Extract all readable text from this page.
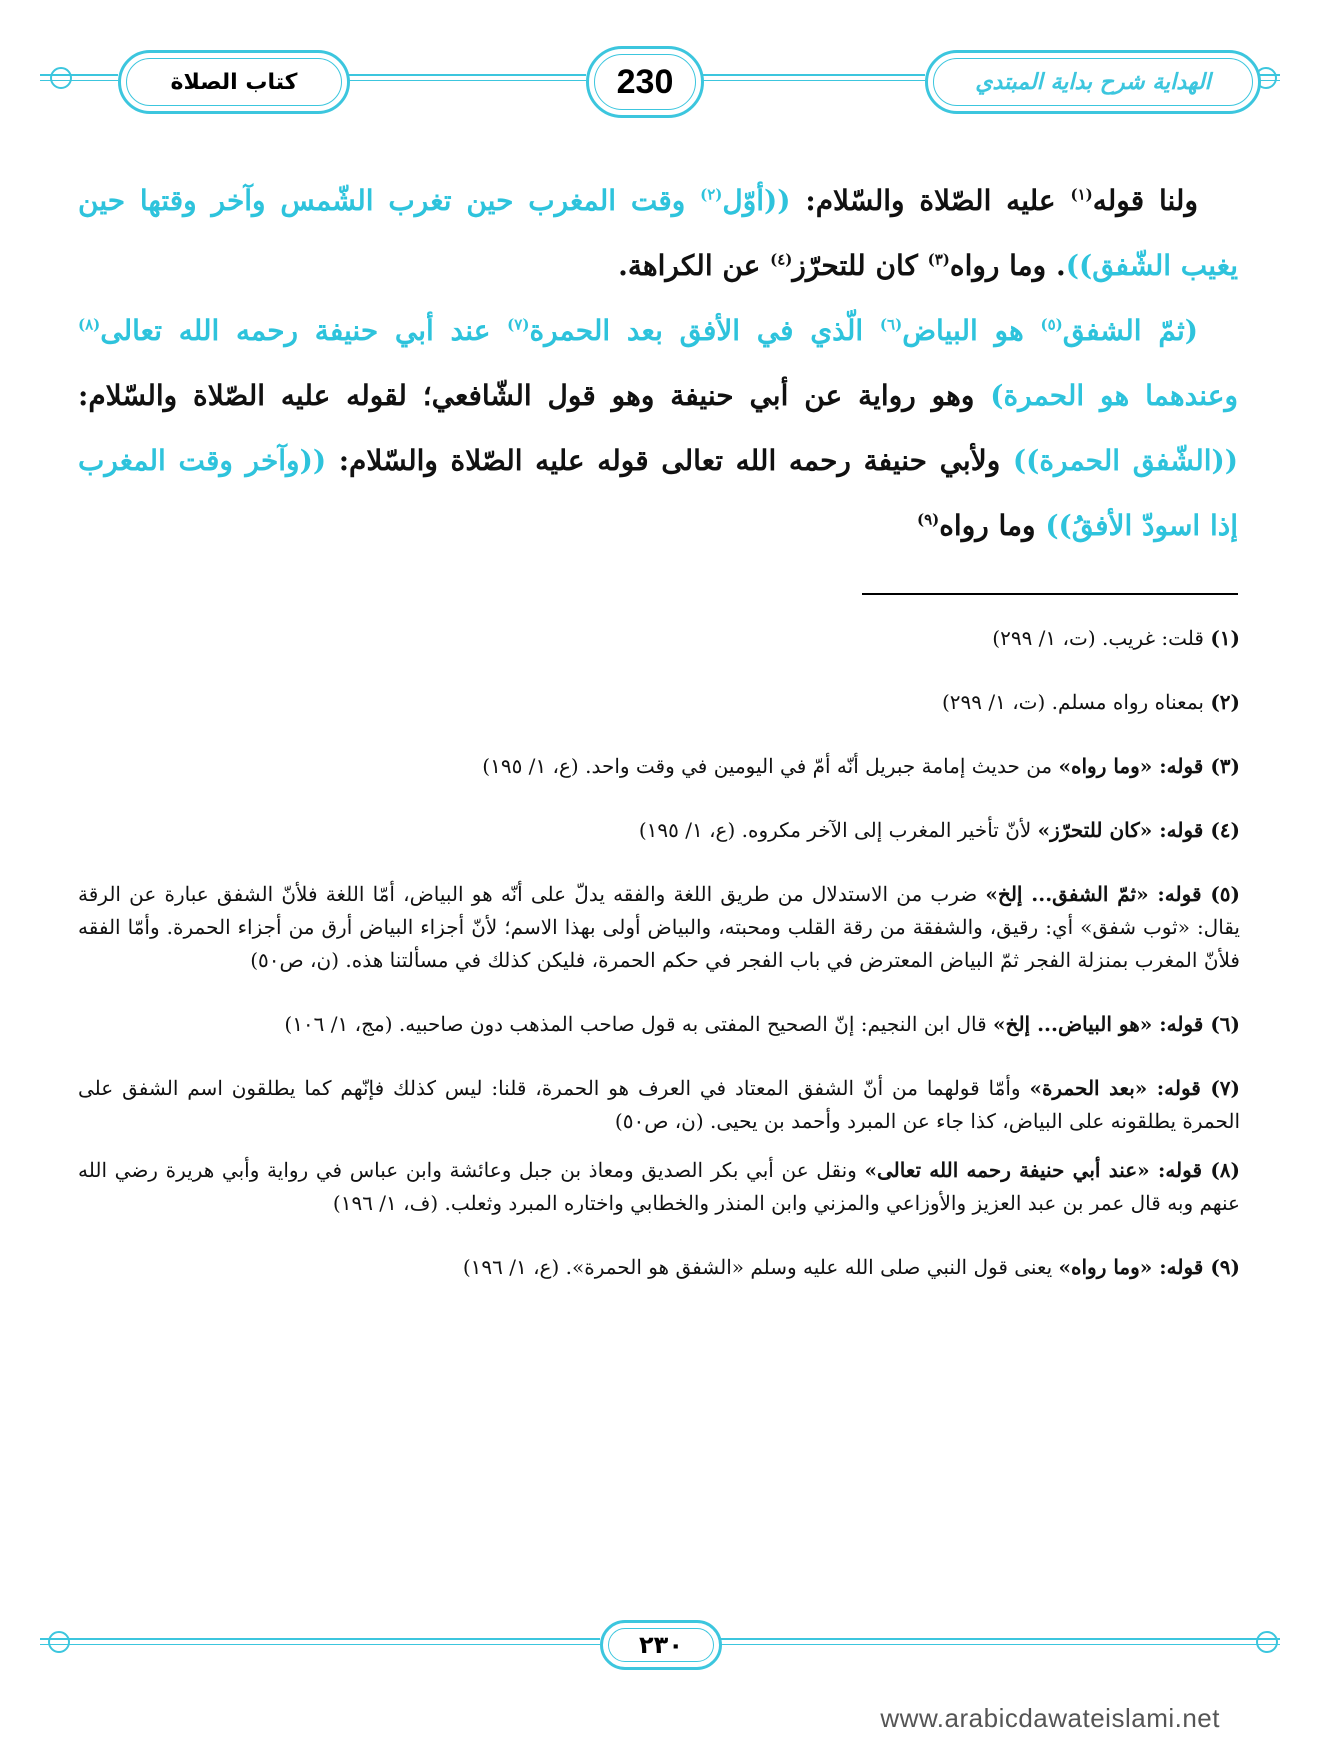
كتاب الصلاة	230	الهداية شرح بداية المبتدي
ولنا قوله$^{(١)}$ عليه الصّلاة والسّلام: ((أوّل$^{(٢)}$ وقت المغرب حين تغرب الشّمس وآخر وقتها حين يغيب الشّفق)). وما رواه$^{(٣)}$ كان للتحرّز$^{(٤)}$ عن الكراهة.
(ثمّ الشفق$^{(٥)}$ هو البياض$^{(٦)}$ الّذي في الأفق بعد الحمرة$^{(٧)}$ عند أبي حنيفة رحمه الله تعالى$^{(٨)}$ وعندهما هو الحمرة) وهو رواية عن أبي حنيفة وهو قول الشّافعي؛ لقوله عليه الصّلاة والسّلام: ((الشّفق الحمرة)) ولأبي حنيفة رحمه الله تعالى قوله عليه الصّلاة والسّلام: ((وآخر وقت المغرب إذا اسودّ الأفقُ)) وما رواه$^{(٩)}$
(١) قلت: غريب. (ت، ١/ ٢٩٩)
(٢) بمعناه رواه مسلم. (ت، ١/ ٢٩٩)
(٣) قوله: «وما رواه» من حديث إمامة جبريل أنّه أمّ في اليومين في وقت واحد. (ع، ١/ ١٩٥)
(٤) قوله: «كان للتحرّز» لأنّ تأخير المغرب إلى الآخر مكروه. (ع، ١/ ١٩٥)
(٥) قوله: «ثمّ الشفق... إلخ» ضرب من الاستدلال من طريق اللغة والفقه يدلّ على أنّه هو البياض، أمّا اللغة فلأنّ الشفق عبارة عن الرقة يقال: «ثوب شفق» أي: رقيق، والشفقة من رقة القلب ومحبته، والبياض أولى بهذا الاسم؛ لأنّ أجزاء البياض أرق من أجزاء الحمرة. وأمّا الفقه فلأنّ المغرب بمنزلة الفجر ثمّ البياض المعترض في باب الفجر في حكم الحمرة، فليكن كذلك في مسألتنا هذه. (ن، ص٥٠)
(٦) قوله: «هو البياض... إلخ» قال ابن النجيم: إنّ الصحيح المفتى به قول صاحب المذهب دون صاحبيه. (مج، ١/ ١٠٦)
(٧) قوله: «بعد الحمرة» وأمّا قولهما من أنّ الشفق المعتاد في العرف هو الحمرة، قلنا: ليس كذلك فإنّهم كما يطلقون اسم الشفق على الحمرة يطلقونه على البياض، كذا جاء عن المبرد وأحمد بن يحيى. (ن، ص٥٠)
(٨) قوله: «عند أبي حنيفة رحمه الله تعالى» ونقل عن أبي بكر الصديق ومعاذ بن جبل وعائشة وابن عباس في رواية وأبي هريرة رضي الله عنهم وبه قال عمر بن عبد العزيز والأوزاعي والمزني وابن المنذر والخطابي واختاره المبرد وثعلب. (ف، ١/ ١٩٦)
(٩) قوله: «وما رواه» يعنى قول النبي صلى الله عليه وسلم «الشفق هو الحمرة». (ع، ١/ ١٩٦)
٢٣٠
www.arabicdawateislami.net
